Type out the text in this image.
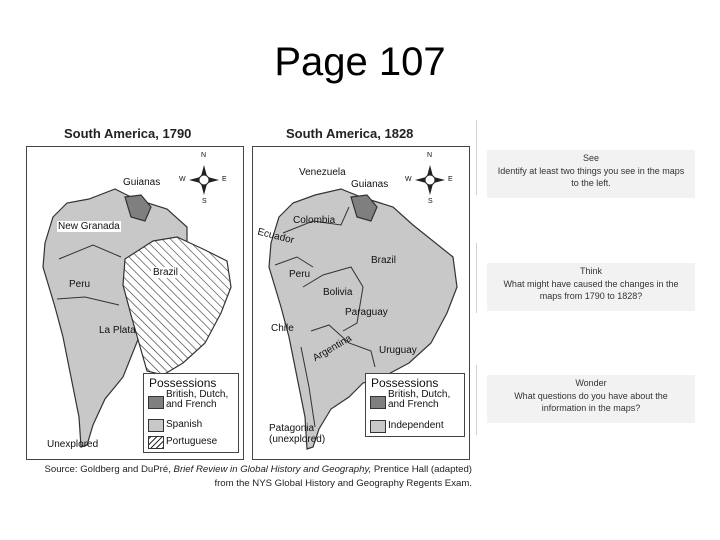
Page 107
South America, 1790
Guianas
New Granada
Brazil
Peru
La Plata
Unexplored
N
S
E
W
Possessions
British, Dutch, and French
Spanish
Portuguese
South America, 1828
Venezuela
Guianas
Colombia
Ecuador
Brazil
Peru
Bolivia
Paraguay
Chile
Argentina	Uruguay
Patagonia (unexplored)
N
S
E
W
Possessions
British, Dutch, and French
Independent
Source: Goldberg and DuPré, Brief Review in Global History and Geography, Prentice Hall (adapted)
from the NYS Global History and Geography Regents Exam.
See
Identify at least two things you see in the maps to the left.
Think
What might have caused the changes in the maps from 1790 to 1828?
Wonder
What questions do you have about the information in the maps?
